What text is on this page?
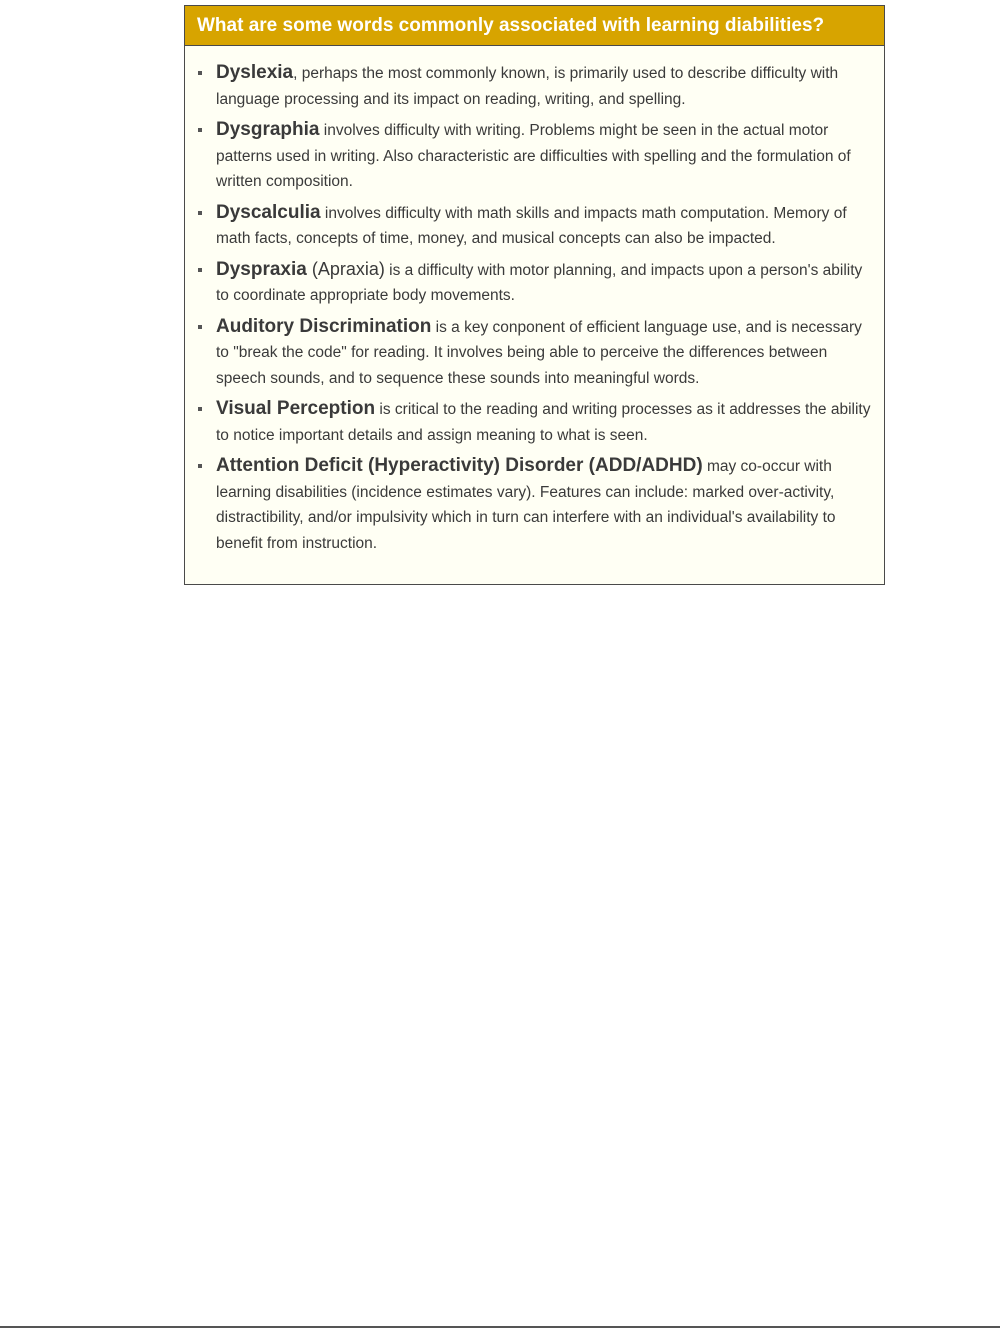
What are some words commonly associated with learning diabilities?
Dyslexia, perhaps the most commonly known, is primarily used to describe difficulty with language processing and its impact on reading, writing, and spelling.
Dysgraphia involves difficulty with writing. Problems might be seen in the actual motor patterns used in writing. Also characteristic are difficulties with spelling and the formulation of written composition.
Dyscalculia involves difficulty with math skills and impacts math computation. Memory of math facts, concepts of time, money, and musical concepts can also be impacted.
Dyspraxia (Apraxia) is a difficulty with motor planning, and impacts upon a person's ability to coordinate appropriate body movements.
Auditory Discrimination is a key conponent of efficient language use, and is necessary to "break the code" for reading. It involves being able to perceive the differences between speech sounds, and to sequence these sounds into meaningful words.
Visual Perception is critical to the reading and writing processes as it addresses the ability to notice important details and assign meaning to what is seen.
Attention Deficit (Hyperactivity) Disorder (ADD/ADHD) may co-occur with learning disabilities (incidence estimates vary). Features can include: marked over-activity, distractibility, and/or impulsivity which in turn can interfere with an individual's availability to benefit from instruction.
